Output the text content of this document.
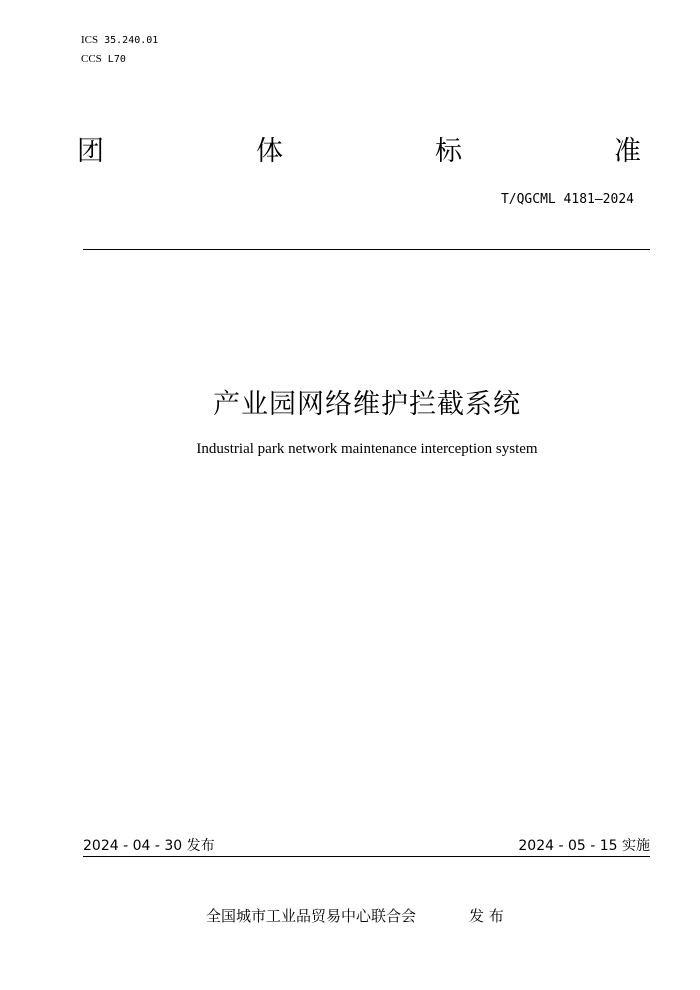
ICS 35.240.01
CCS L70
团	体	标	准
T/QGCML 4181—2024
产业园网络维护拦截系统
Industrial park network maintenance interception system
2024 - 04 - 30 发布	2024 - 05 - 15 实施
全国城市工业品贸易中心联合会	发 布
